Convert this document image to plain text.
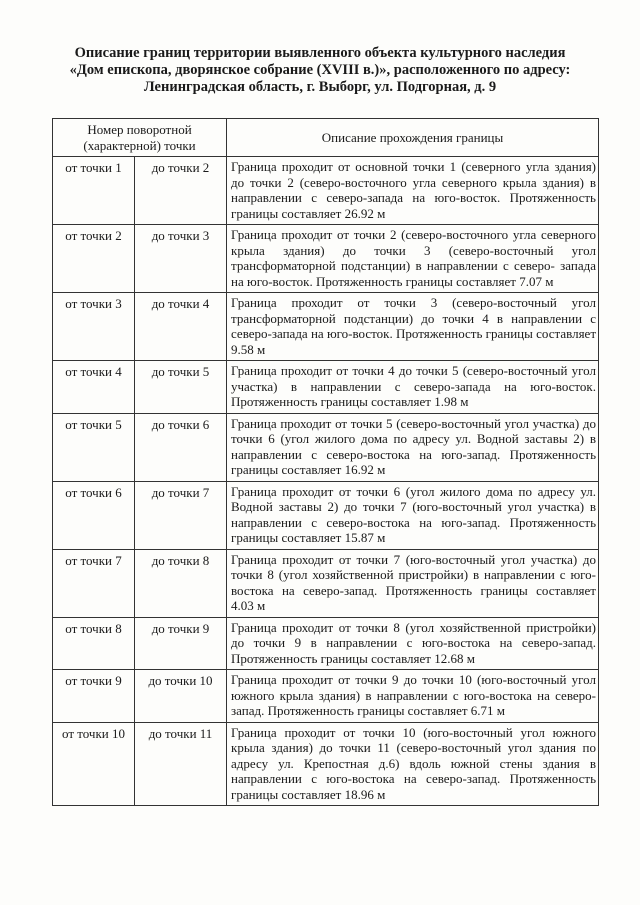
Описание границ территории выявленного объекта культурного наследия
«Дом епископа, дворянское собрание (XVIII в.)», расположенного по адресу:
Ленинградская область, г. Выборг, ул. Подгорная, д. 9
Номер поворотной (характерной) точки		Описание прохождения границы
от точки 1	до точки 2	Граница проходит от основной точки 1 (северного угла здания) до точки 2 (северо-восточного угла северного крыла здания) в направлении с северо-запада на юго-восток. Протяженность границы составляет 26.92 м
от точки 2	до точки 3	Граница проходит от точки 2 (северо-восточного угла северного крыла здания) до точки 3 (северо-восточный угол трансформаторной подстанции) в направлении с северо- запада на юго-восток. Протяженность границы составляет 7.07 м
от точки 3	до точки 4	Граница проходит от точки 3 (северо-восточный угол трансформаторной подстанции) до точки 4 в направлении с северо-запада на юго-восток. Протяженность границы составляет 9.58 м
от точки 4	до точки 5	Граница проходит от точки 4 до точки 5 (северо-восточный угол участка) в направлении с северо-запада на юго-восток. Протяженность границы составляет 1.98 м
от точки 5	до точки 6	Граница проходит от точки 5 (северо-восточный угол участка) до точки 6 (угол жилого дома по адресу ул. Водной заставы 2) в направлении с северо-востока на юго-запад. Протяженность границы составляет 16.92 м
от точки 6	до точки 7	Граница проходит от точки 6 (угол жилого дома по адресу ул. Водной заставы 2) до точки 7 (юго-восточный угол участка) в направлении с северо-востока на юго-запад. Протяженность границы составляет 15.87 м
от точки 7	до точки 8	Граница проходит от точки 7 (юго-восточный угол участка) до точки 8 (угол хозяйственной пристройки) в направлении с юго-востока на северо-запад. Протяженность границы составляет 4.03 м
от точки 8	до точки 9	Граница проходит от точки 8 (угол хозяйственной пристройки) до точки 9 в направлении с юго-востока на северо-запад. Протяженность границы составляет 12.68 м
от точки 9	до точки 10	Граница проходит от точки 9 до точки 10 (юго-восточный угол южного крыла здания) в направлении с юго-востока на северо-запад. Протяженность границы составляет 6.71 м
от точки 10	до точки 11	Граница проходит от точки 10 (юго-восточный угол южного крыла здания) до точки 11 (северо-восточный угол здания по адресу ул. Крепостная д.6) вдоль южной стены здания в направлении с юго-востока на северо-запад. Протяженность границы составляет 18.96 м
